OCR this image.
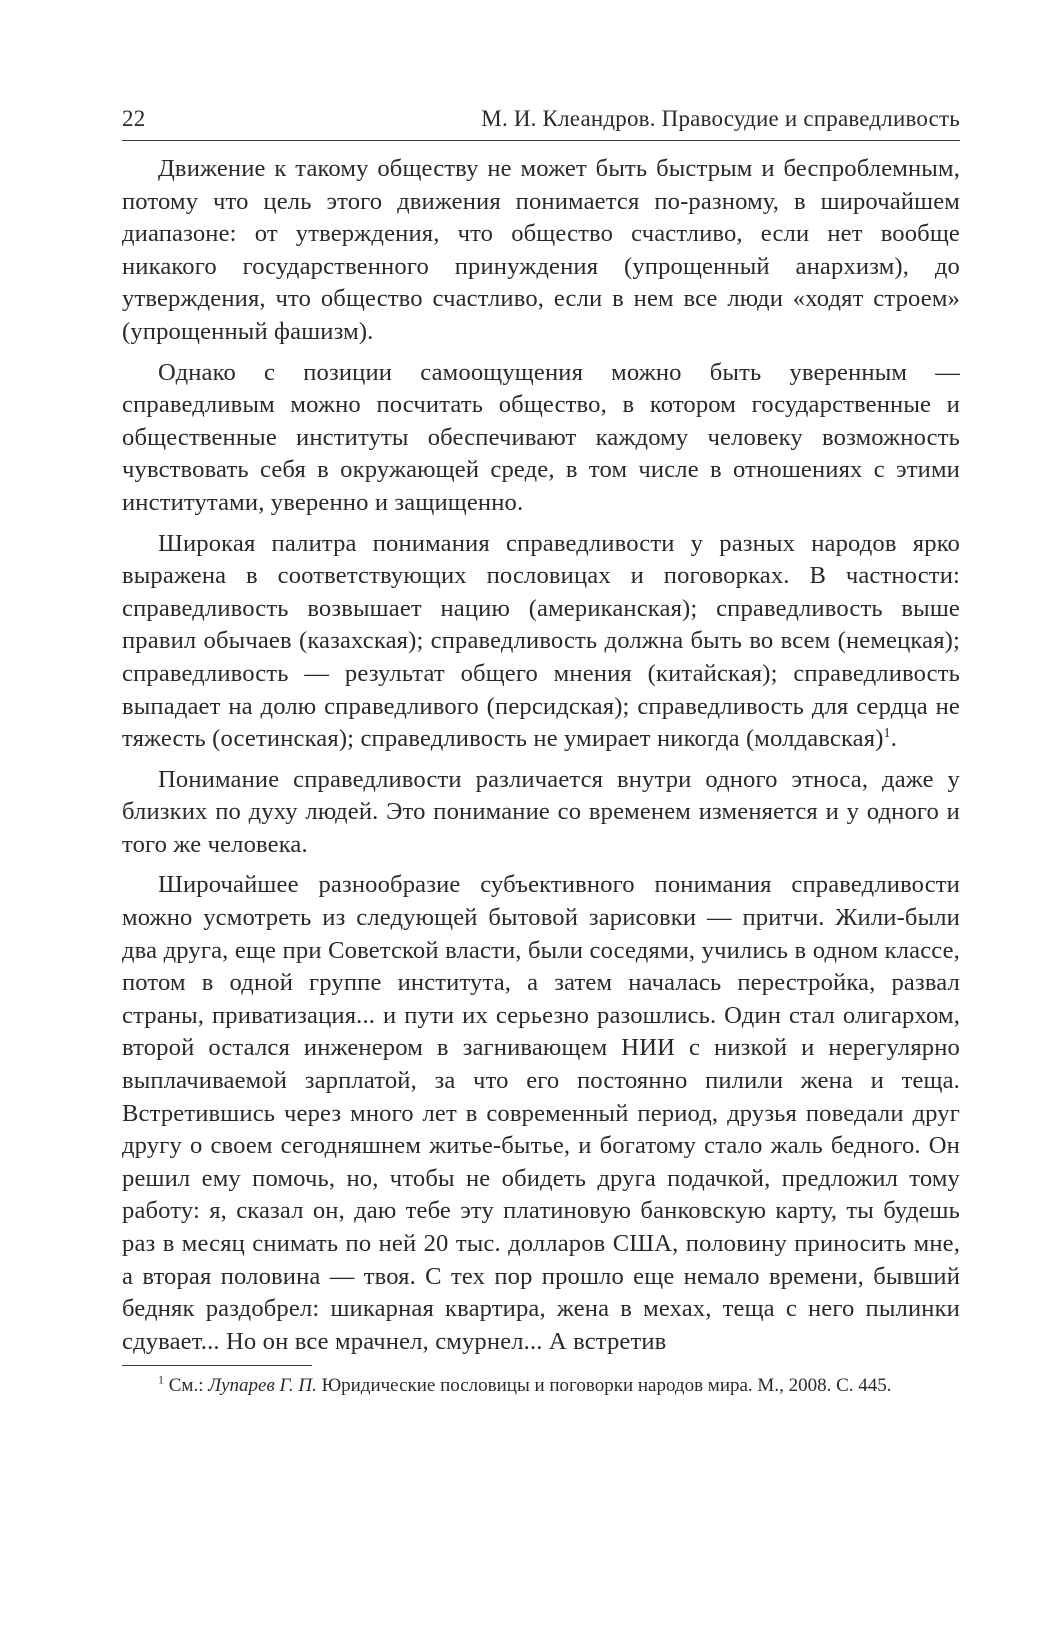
22	М. И. Клеандров. Правосудие и справедливость

Движение к такому обществу не может быть быстрым и беспроблемным, потому что цель этого движения понимается по-разному, в широчайшем диапазоне: от утверждения, что общество счастливо, если нет вообще никакого государственного принуждения (упрощенный анархизм), до утверждения, что общество счастливо, если в нем все люди «ходят строем» (упрощенный фашизм).

Однако с позиции самоощущения можно быть уверенным — справедливым можно посчитать общество, в котором государственные и общественные институты обеспечивают каждому человеку возможность чувствовать себя в окружающей среде, в том числе в отношениях с этими институтами, уверенно и защищенно.

Широкая палитра понимания справедливости у разных народов ярко выражена в соответствующих пословицах и поговорках. В частности: справедливость возвышает нацию (американская); справедливость выше правил обычаев (казахская); справедливость должна быть во всем (немецкая); справедливость — результат общего мнения (китайская); справедливость выпадает на долю справедливого (персидская); справедливость для сердца не тяжесть (осетинская); справедливость не умирает никогда (молдавская)$^1$.

Понимание справедливости различается внутри одного этноса, даже у близких по духу людей. Это понимание со временем изменяется и у одного и того же человека.

Широчайшее разнообразие субъективного понимания справедливости можно усмотреть из следующей бытовой зарисовки — притчи. Жили-были два друга, еще при Советской власти, были соседями, учились в одном классе, потом в одной группе института, а затем началась перестройка, развал страны, приватизация... и пути их серьезно разошлись. Один стал олигархом, второй остался инженером в загнивающем НИИ с низкой и нерегулярно выплачиваемой зарплатой, за что его постоянно пилили жена и теща. Встретившись через много лет в современный период, друзья поведали друг другу о своем сегодняшнем житье-бытье, и богатому стало жаль бедного. Он решил ему помочь, но, чтобы не обидеть друга подачкой, предложил тому работу: я, сказал он, даю тебе эту платиновую банковскую карту, ты будешь раз в месяц снимать по ней 20 тыс. долларов США, половину приносить мне, а вторая половина — твоя. С тех пор прошло еще немало времени, бывший бедняк раздобрел: шикарная квартира, жена в мехах, теща с него пылинки сдувает... Но он все мрачнел, смурнел... А встретив

$^1$ См.: Лупарев Г. П. Юридические пословицы и поговорки народов мира. М., 2008. С. 445.
